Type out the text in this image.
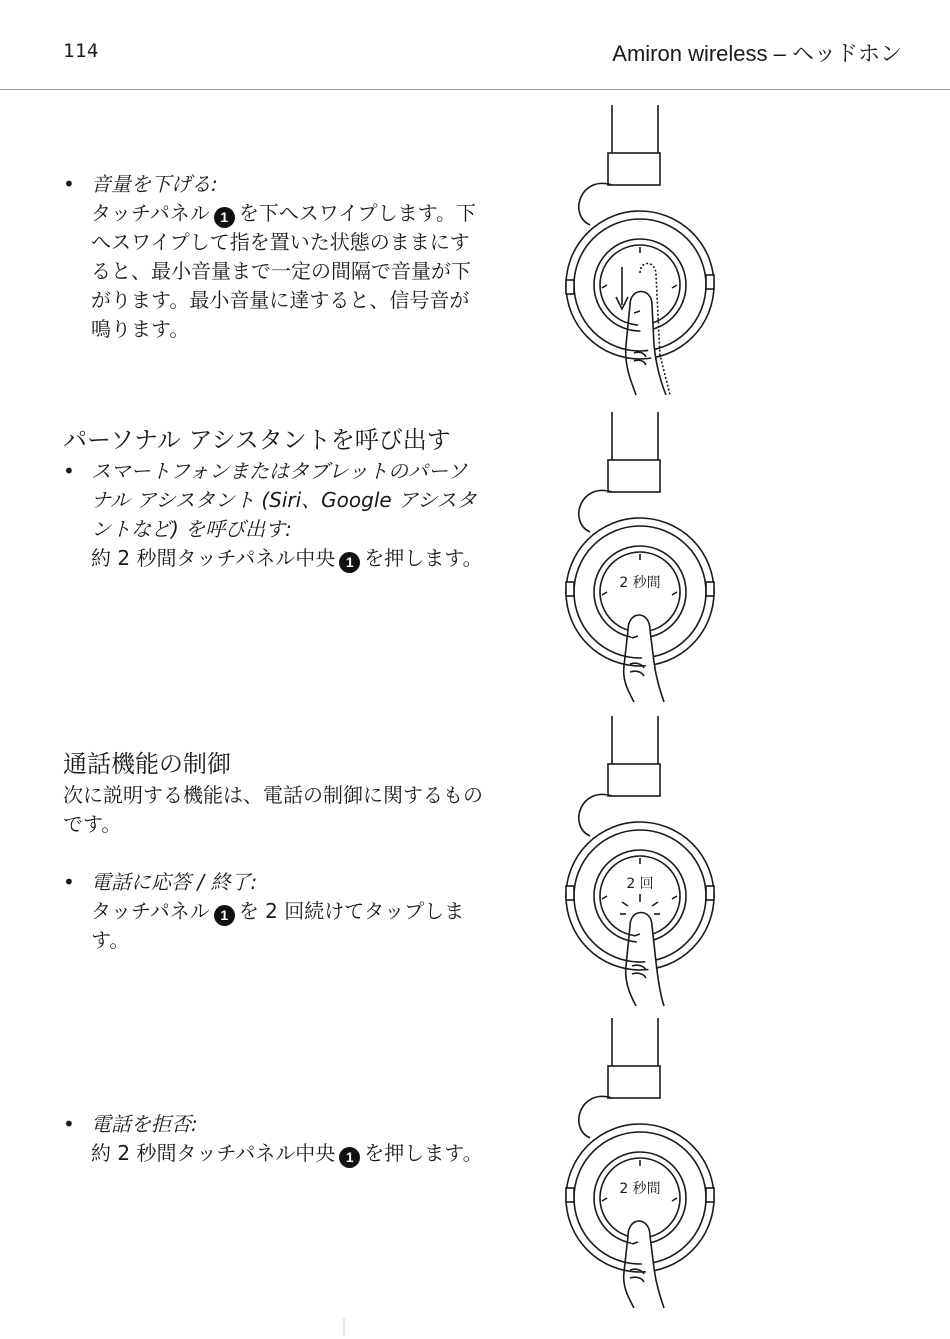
114	Amiron wireless – ヘッドホン
• 音量を下げる:
タッチパネル 1 を下へスワイプします。下へスワイプして指を置いた状態のままにすると、最小音量まで一定の間隔で音量が下がります。最小音量に達すると、信号音が鳴ります。
パーソナル アシスタントを呼び出す
• スマートフォンまたはタブレットのパーソナル アシスタント (Siri、Google アシスタントなど) を呼び出す:
約 2 秒間タッチパネル中央 1 を押します。
通話機能の制御
次に説明する機能は、電話の制御に関するものです。
• 電話に応答 / 終了:
タッチパネル 1 を 2 回続けてタップします。
• 電話を拒否:
約 2 秒間タッチパネル中央 1 を押します。
2 秒間
2 回
2 秒間
